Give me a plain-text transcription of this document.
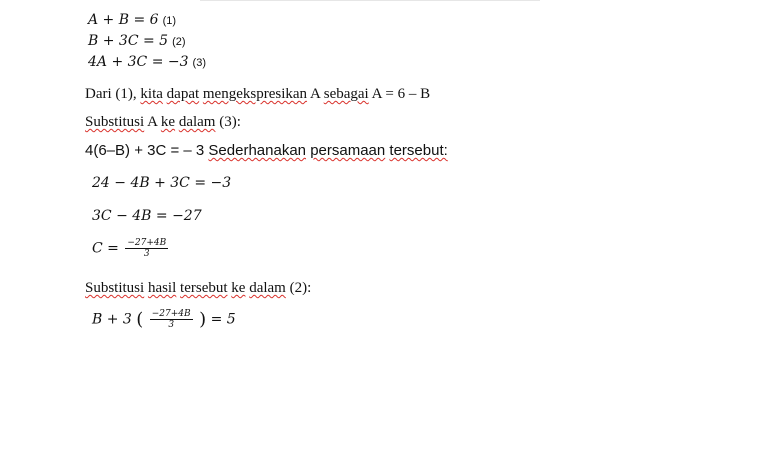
A + B = 6 (1)
B + 3C = 5 (2)
4A + 3C = −3 (3)
Dari (1), kita dapat mengekspresikan A sebagai A = 6 – B
Substitusi A ke dalam (3):
4(6–B) + 3C = – 3 Sederhanakan persamaan tersebut:
24 − 4B + 3C = −3
3C − 4B = −27
$C = \frac{-27+4B}{3}$
Substitusi hasil tersebut ke dalam (2):
B + 3 ( $\frac{-27+4B}{3}$ ) = 5
